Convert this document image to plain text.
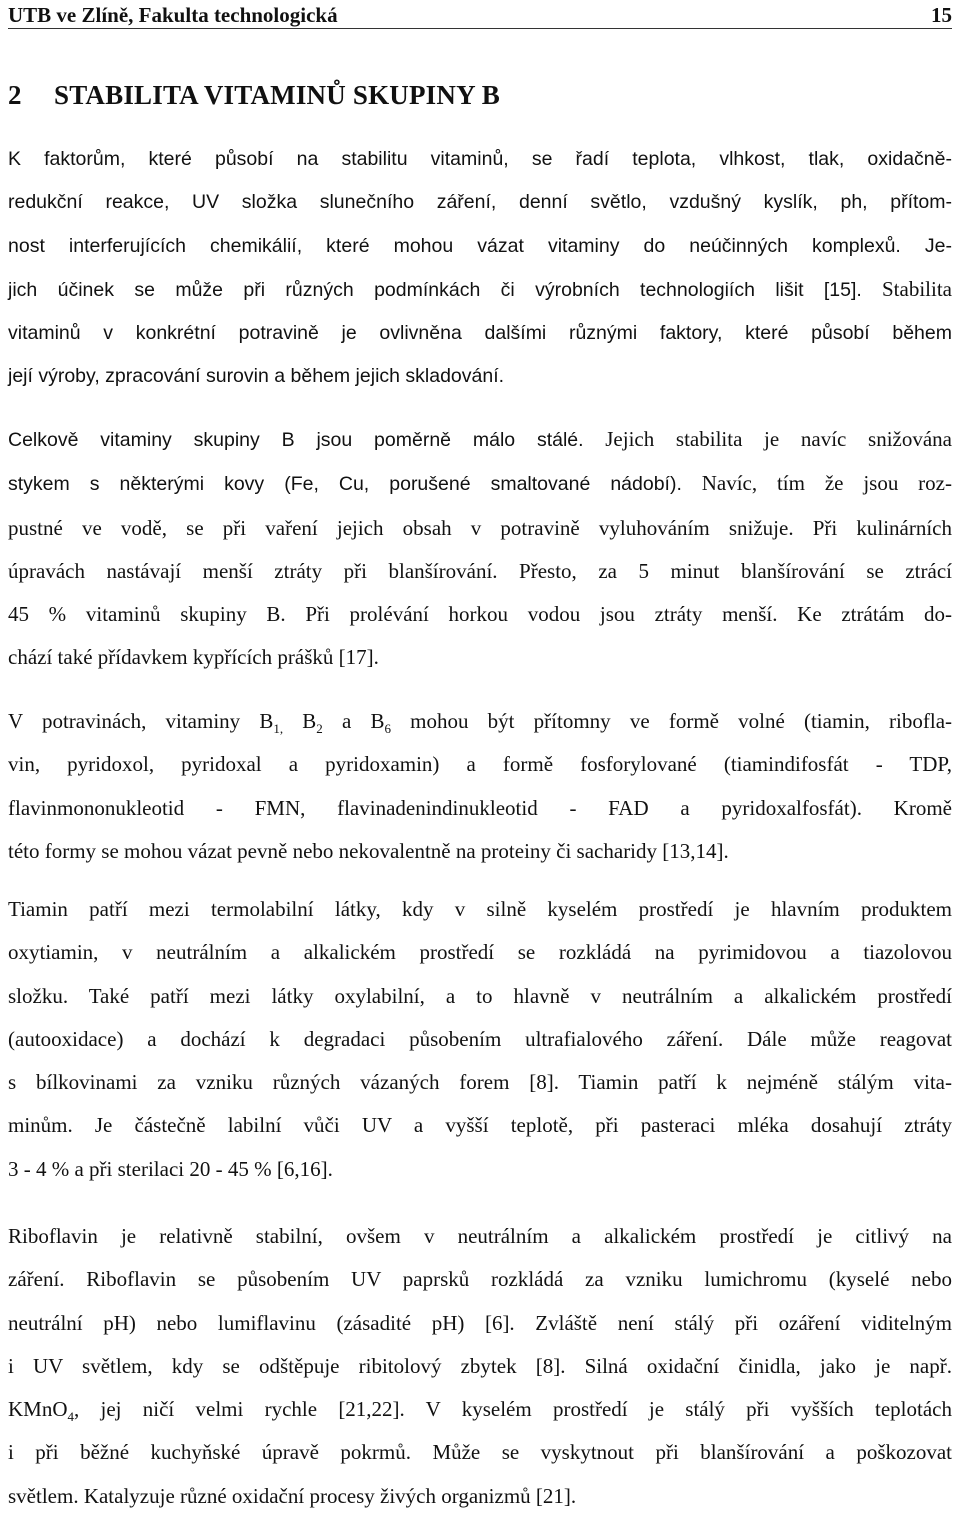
UTB ve Zlíně, Fakulta technologická	15
2 STABILITA VITAMINŮ SKUPINY B
K faktorům, které působí na stabilitu vitaminů, se řadí teplota, vlhkost, tlak, oxidačně-
redukční reakce, UV složka slunečního záření, denní světlo, vzdušný kyslík, ph, přítom-
nost interferujících chemikálií, které mohou vázat vitaminy do neúčinných komplexů. Je-
jich účinek se může při různých podmínkách či výrobních technologiích lišit [15]. Stabilita
vitaminů v konkrétní potravině je ovlivněna dalšími různými faktory, které působí během
její výroby, zpracování surovin a během jejich skladování.
Celkově vitaminy skupiny B jsou poměrně málo stálé. Jejich stabilita je navíc snižována
stykem s některými kovy (Fe, Cu, porušené smaltované nádobí). Navíc, tím že jsou roz-
pustné ve vodě, se při vaření jejich obsah v potravině vyluhováním snižuje. Při kulinárních
úpravách nastávají menší ztráty při blanšírování. Přesto, za 5 minut blanšírování se ztrácí
45 % vitaminů skupiny B. Při prolévání horkou vodou jsou ztráty menší. Ke ztrátám do-
chází také přídavkem kypřících prášků [17].
V potravinách, vitaminy $B_{1,}$ $B_2$ a $B_6$ mohou být přítomny ve formě volné (tiamin, ribofla-
vin, pyridoxol, pyridoxal a pyridoxamin) a formě fosforylované (tiamindifosfát - TDP,
flavinmononukleotid - FMN, flavinadenindinukleotid - FAD a pyridoxalfosfát). Kromě
této formy se mohou vázat pevně nebo nekovalentně na proteiny či sacharidy [13,14].
Tiamin patří mezi termolabilní látky, kdy v silně kyselém prostředí je hlavním produktem
oxytiamin, v neutrálním a alkalickém prostředí se rozkládá na pyrimidovou a tiazolovou
složku. Také patří mezi látky oxylabilní, a to hlavně v neutrálním a alkalickém prostředí
(autooxidace) a dochází k degradaci působením ultrafialového záření. Dále může reagovat
s bílkovinami za vzniku různých vázaných forem [8]. Tiamin patří k nejméně stálým vita-
minům. Je částečně labilní vůči UV a vyšší teplotě, při pasteraci mléka dosahují ztráty
3 - 4 % a při sterilaci 20 - 45 % [6,16].
Riboflavin je relativně stabilní, ovšem v neutrálním a alkalickém prostředí je citlivý na
záření. Riboflavin se působením UV paprsků rozkládá za vzniku lumichromu (kyselé nebo
neutrální pH) nebo lumiflavinu (zásadité pH) [6]. Zvláště není stálý při ozáření viditelným
i UV světlem, kdy se odštěpuje ribitolový zbytek [8]. Silná oxidační činidla, jako je např.
KMnO$_4$, jej ničí velmi rychle [21,22]. V kyselém prostředí je stálý při vyšších teplotách
i při běžné kuchyňské úpravě pokrmů. Může se vyskytnout při blanšírování a poškozovat
světlem. Katalyzuje různé oxidační procesy živých organizmů [21].
